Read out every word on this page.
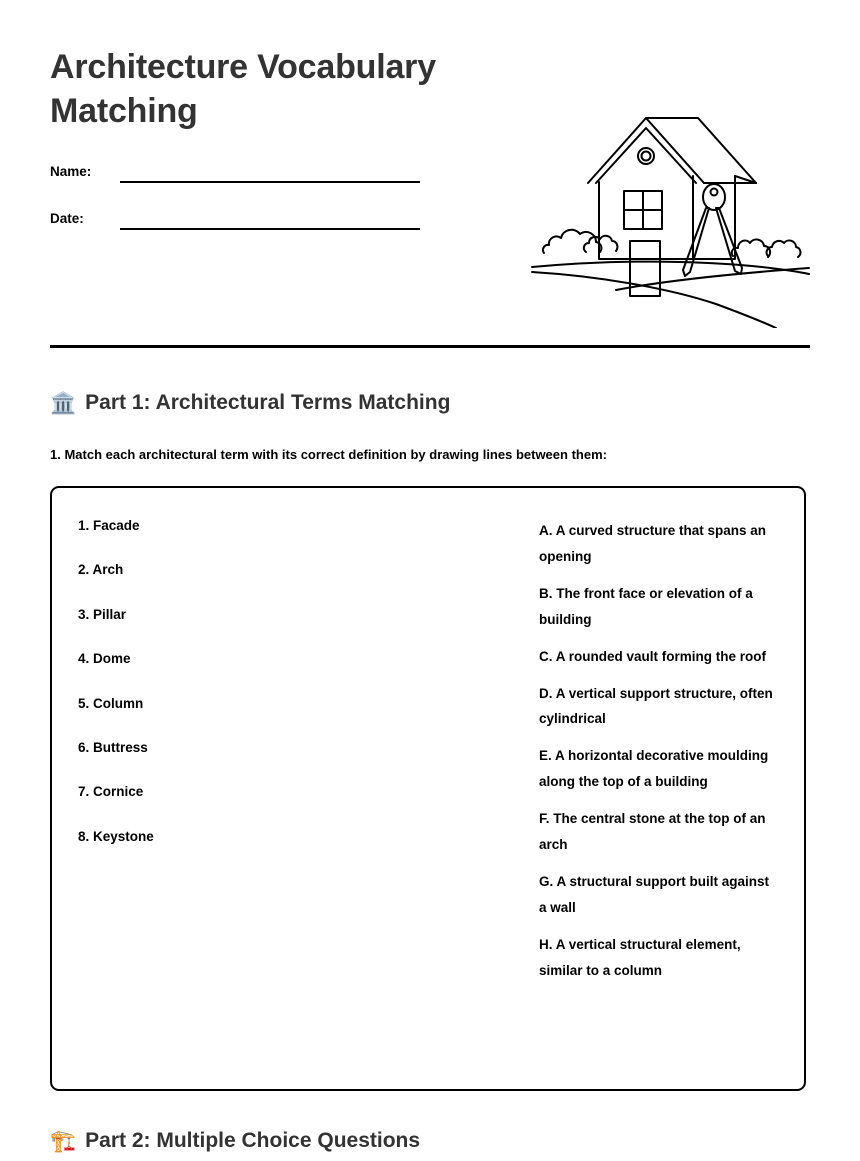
Architecture Vocabulary Matching
Name:
Date:
🏛️ Part 1: Architectural Terms Matching
1. Match each architectural term with its correct definition by drawing lines between them:
1. Facade
2. Arch
3. Pillar
4. Dome
5. Column
6. Buttress
7. Cornice
8. Keystone
A. A curved structure that spans an opening
B. The front face or elevation of a building
C. A rounded vault forming the roof
D. A vertical support structure, often cylindrical
E. A horizontal decorative moulding along the top of a building
F. The central stone at the top of an arch
G. A structural support built against a wall
H. A vertical structural element, similar to a column
🏗️ Part 2: Multiple Choice Questions
